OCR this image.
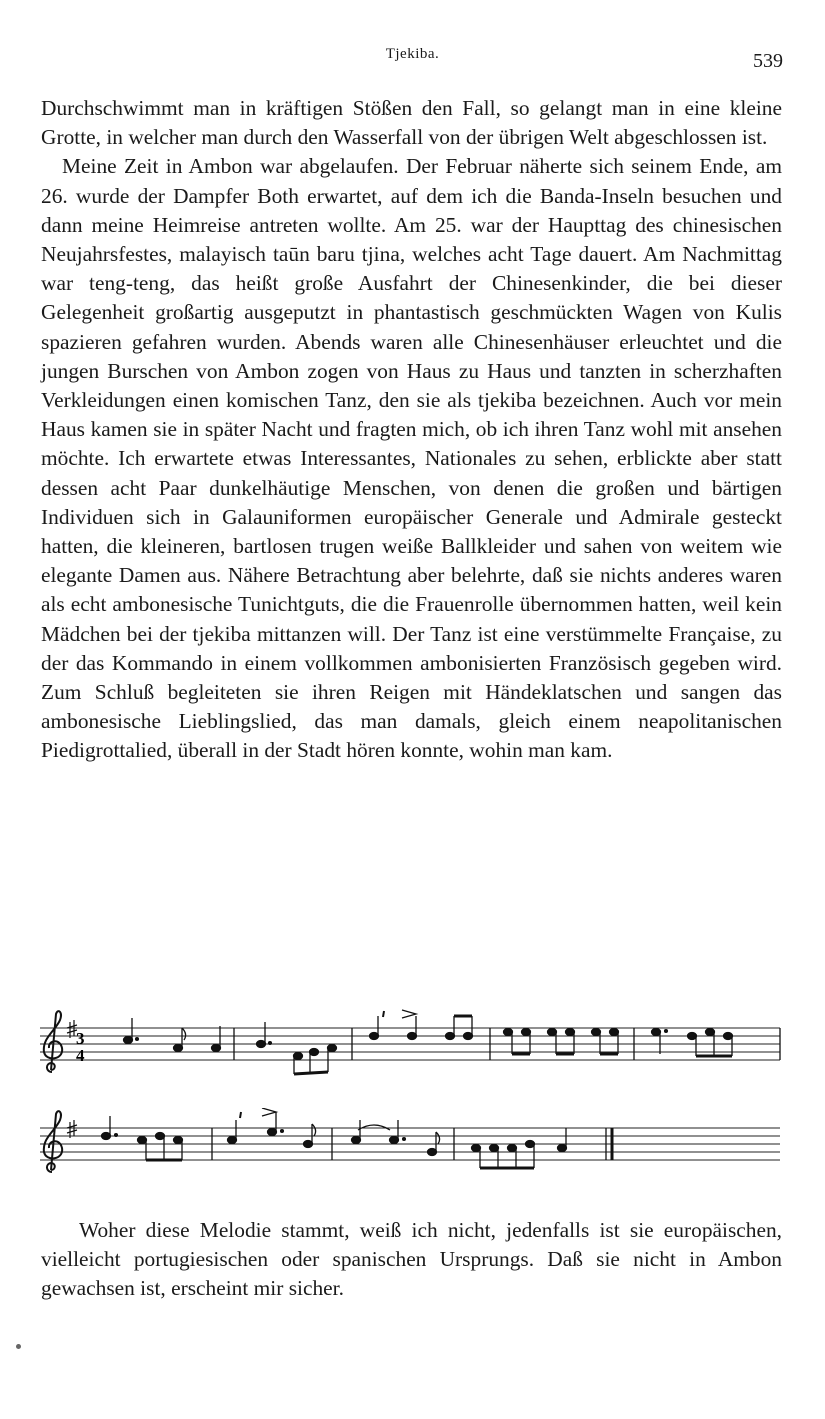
Tjekiba.	539

Durchschwimmt man in kräftigen Stößen den Fall, so gelangt man in eine kleine Grotte, in welcher man durch den Wasserfall von der übrigen Welt abgeschlossen ist.

Meine Zeit in Ambon war abgelaufen. Der Februar näherte sich seinem Ende, am 26. wurde der Dampfer Both erwartet, auf dem ich die Banda-Inseln besuchen und dann meine Heimreise antreten wollte. Am 25. war der Haupttag des chinesischen Neujahrsfestes, malayisch taūn baru tjina, welches acht Tage dauert. Am Nachmittag war teng-teng, das heißt große Ausfahrt der Chinesenkinder, die bei dieser Gelegenheit großartig ausgeputzt in phantastisch geschmückten Wagen von Kulis spazieren gefahren wurden. Abends waren alle Chinesenhäuser erleuchtet und die jungen Burschen von Ambon zogen von Haus zu Haus und tanzten in scherzhaften Verkleidungen einen komischen Tanz, den sie als tjekiba bezeichnen. Auch vor mein Haus kamen sie in später Nacht und fragten mich, ob ich ihren Tanz wohl mit ansehen möchte. Ich erwartete etwas Interessantes, Nationales zu sehen, erblickte aber statt dessen acht Paar dunkelhäutige Menschen, von denen die großen und bärtigen Individuen sich in Galauniformen europäischer Generale und Admirale gesteckt hatten, die kleineren, bartlosen trugen weiße Ballkleider und sahen von weitem wie elegante Damen aus. Nähere Betrachtung aber belehrte, daß sie nichts anderes waren als echt ambonesische Tunichtguts, die die Frauenrolle übernommen hatten, weil kein Mädchen bei der tjekiba mittanzen will. Der Tanz ist eine verstümmelte Française, zu der das Kommando in einem vollkommen ambonisierten Französisch gegeben wird. Zum Schluß begleiteten sie ihren Reigen mit Händeklatschen und sangen das ambonesische Lieblingslied, das man damals, gleich einem neapolitanischen Piedigrottalied, überall in der Stadt hören konnte, wohin man kam.

3
4

Woher diese Melodie stammt, weiß ich nicht, jedenfalls ist sie europäischen, vielleicht portugiesischen oder spanischen Ursprungs. Daß sie nicht in Ambon gewachsen ist, erscheint mir sicher.
